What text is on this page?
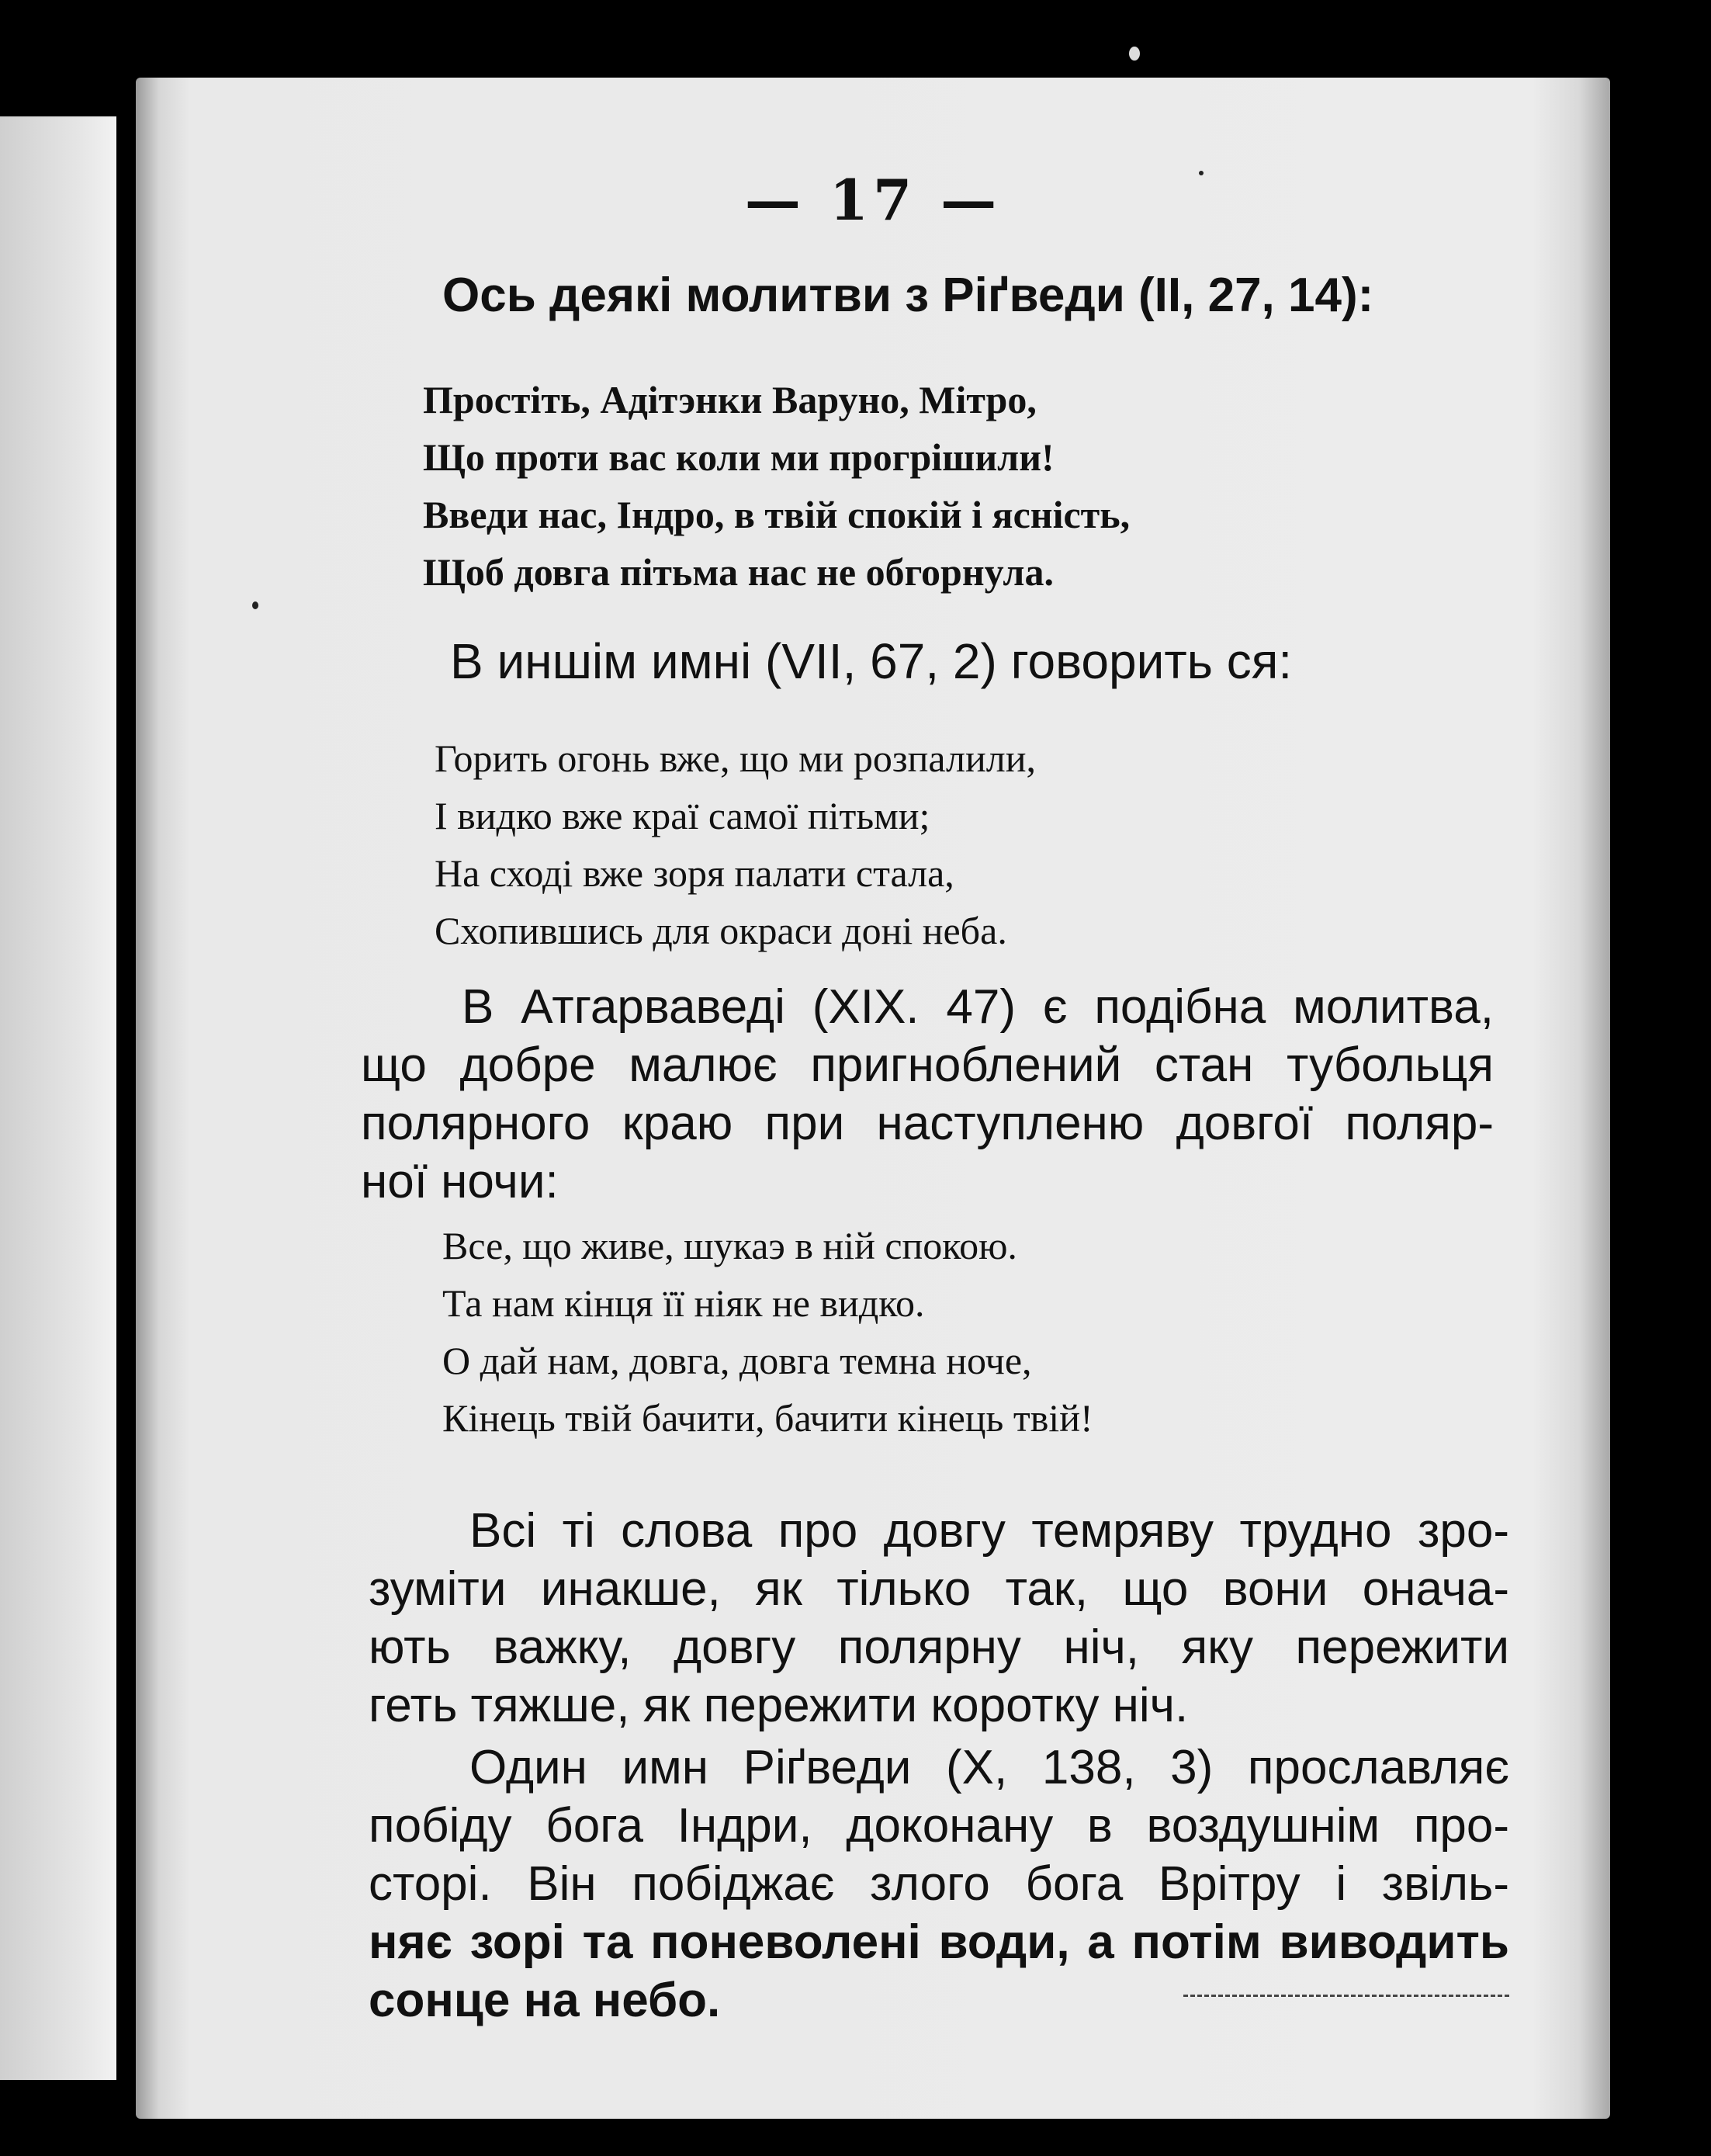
— 17 —
Ось деякі молитви з Ріґведи (II, 27, 14):
Простіть, Адітэнки Варуно, Мітро,
Що проти вас коли ми прогрішили!
Введи нас, Індро, в твій спокій і ясність,
Щоб довга пітьма нас не обгорнула.
В иншім имні (VII, 67, 2) говорить ся:
Горить огонь вже, що ми розпалили,
І видко вже краї самої пітьми;
На сході вже зоря палати стала,
Схопившись для окраси доні неба.
В Атгарваведі (XIX. 47) є подібна молитва,
що добре малює пригноблений стан тубольця
полярного краю при наступленю довгої поляр-
ної ночи:
Все, що живе, шукаэ в ній спокою.
Та нам кінця її ніяк не видко.
О дай нам, довга, довга темна ноче,
Кінець твій бачити, бачити кінець твій!
Всі ті слова про довгу темряву трудно зро-
зуміти инакше, як тілько так, що вони онача-
ють важку, довгу полярну ніч, яку пережити
геть тяжше, як пережити коротку ніч.
Один имн Ріґведи (X, 138, 3) прославляє
побіду бога Індри, доконану в воздушнім про-
сторі. Він побіджає злого бога Врітру і звіль-
няє зорі та поневолені води, а потім виводить
сонце на небо.
